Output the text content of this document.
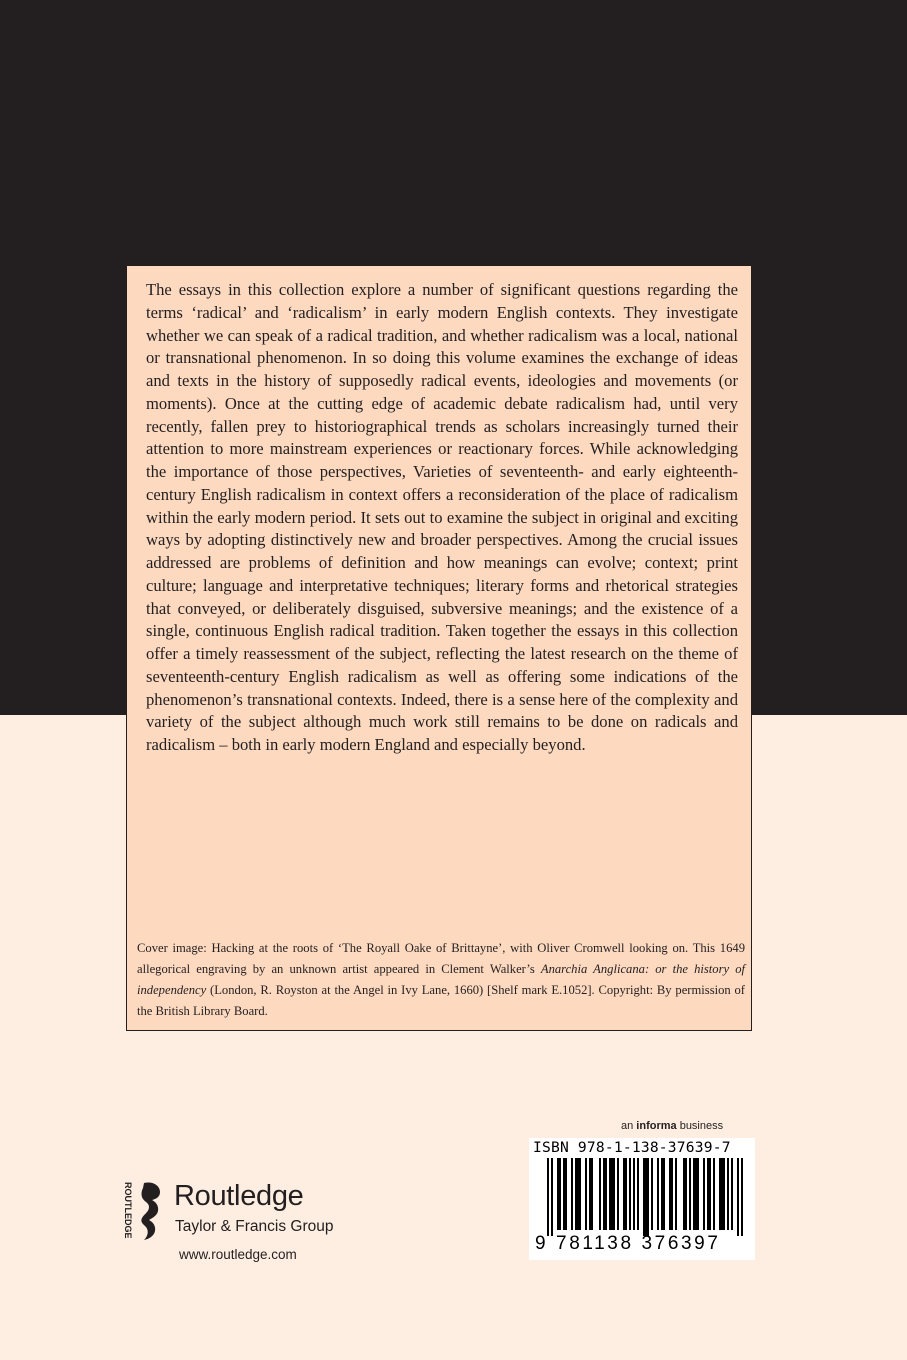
The essays in this collection explore a number of significant questions regarding the terms ‘radical’ and ‘radicalism’ in early modern English contexts. They investigate whether we can speak of a radical tradition, and whether radicalism was a local, national or transnational phenomenon. In so doing this volume examines the exchange of ideas and texts in the history of supposedly radical events, ideologies and movements (or moments). Once at the cutting edge of academic debate radicalism had, until very recently, fallen prey to historiographical trends as scholars increasingly turned their attention to more mainstream experiences or reactionary forces. While acknowledging the importance of those perspectives, Varieties of seventeenth- and early eighteenth-century English radicalism in context offers a reconsideration of the place of radicalism within the early modern period. It sets out to examine the subject in original and exciting ways by adopting distinctively new and broader perspectives. Among the crucial issues addressed are problems of definition and how meanings can evolve; context; print culture; language and interpretative techniques; literary forms and rhetorical strategies that conveyed, or deliberately disguised, subversive meanings; and the existence of a single, continuous English radical tradition. Taken together the essays in this collection offer a timely reassessment of the subject, reflecting the latest research on the theme of seventeenth-century English radicalism as well as offering some indications of the phenomenon’s transnational contexts. Indeed, there is a sense here of the complexity and variety of the subject although much work still remains to be done on radicals and radicalism – both in early modern England and especially beyond.

Cover image: Hacking at the roots of ‘The Royall Oake of Brittayne’, with Oliver Cromwell looking on. This 1649 allegorical engraving by an unknown artist appeared in Clement Walker’s Anarchia Anglicana: or the history of independency (London, R. Royston at the Angel in Ivy Lane, 1660) [Shelf mark E.1052]. Copyright: By permission of the British Library Board.

an informa business
ISBN 978-1-138-37639-7
9 781138 376397
ROUTLEDGE Routledge
Taylor & Francis Group
www.routledge.com
